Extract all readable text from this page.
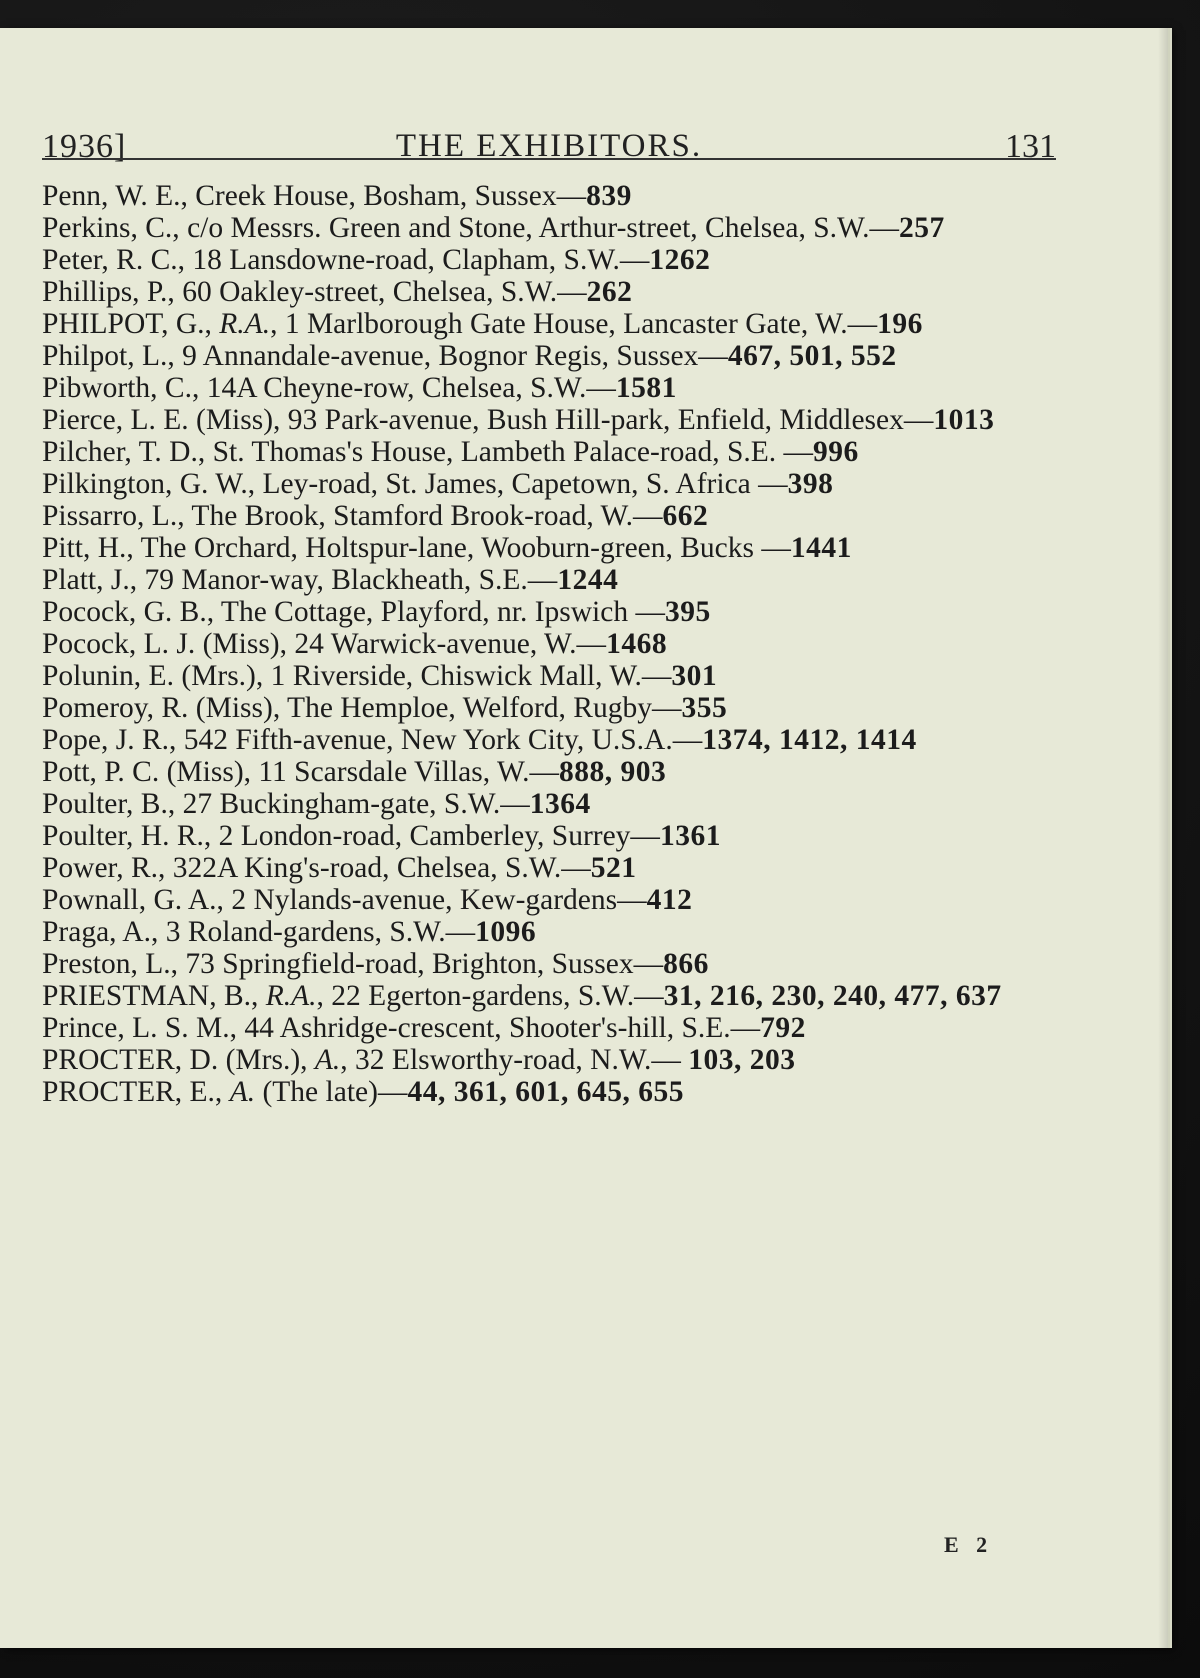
1936]	THE EXHIBITORS.	131

Penn, W. E., Creek House, Bosham, Sussex—839

Perkins, C., c/o Messrs. Green and Stone, Arthur-street, Chelsea, S.W.—257

Peter, R. C., 18 Lansdowne-road, Clapham, S.W.—1262

Phillips, P., 60 Oakley-street, Chelsea, S.W.—262

PHILPOT, G., R.A., 1 Marlborough Gate House, Lancaster Gate, W.—196

Philpot, L., 9 Annandale-avenue, Bognor Regis, Sussex—467, 501, 552

Pibworth, C., 14A Cheyne-row, Chelsea, S.W.—1581

Pierce, L. E. (Miss), 93 Park-avenue, Bush Hill-park, Enfield, Middlesex—1013

Pilcher, T. D., St. Thomas's House, Lambeth Palace-road, S.E. —996

Pilkington, G. W., Ley-road, St. James, Capetown, S. Africa —398

Pissarro, L., The Brook, Stamford Brook-road, W.—662

Pitt, H., The Orchard, Holtspur-lane, Wooburn-green, Bucks —1441

Platt, J., 79 Manor-way, Blackheath, S.E.—1244

Pocock, G. B., The Cottage, Playford, nr. Ipswich —395

Pocock, L. J. (Miss), 24 Warwick-avenue, W.—1468

Polunin, E. (Mrs.), 1 Riverside, Chiswick Mall, W.—301

Pomeroy, R. (Miss), The Hemploe, Welford, Rugby—355

Pope, J. R., 542 Fifth-avenue, New York City, U.S.A.—1374, 1412, 1414

Pott, P. C. (Miss), 11 Scarsdale Villas, W.—888, 903

Poulter, B., 27 Buckingham-gate, S.W.—1364

Poulter, H. R., 2 London-road, Camberley, Surrey—1361

Power, R., 322A King's-road, Chelsea, S.W.—521

Pownall, G. A., 2 Nylands-avenue, Kew-gardens—412

Praga, A., 3 Roland-gardens, S.W.—1096

Preston, L., 73 Springfield-road, Brighton, Sussex—866

PRIESTMAN, B., R.A., 22 Egerton-gardens, S.W.—31, 216, 230, 240, 477, 637

Prince, L. S. M., 44 Ashridge-crescent, Shooter's-hill, S.E.—792

PROCTER, D. (Mrs.), A., 32 Elsworthy-road, N.W.— 103, 203

PROCTER, E., A. (The late)—44, 361, 601, 645, 655

E 2
